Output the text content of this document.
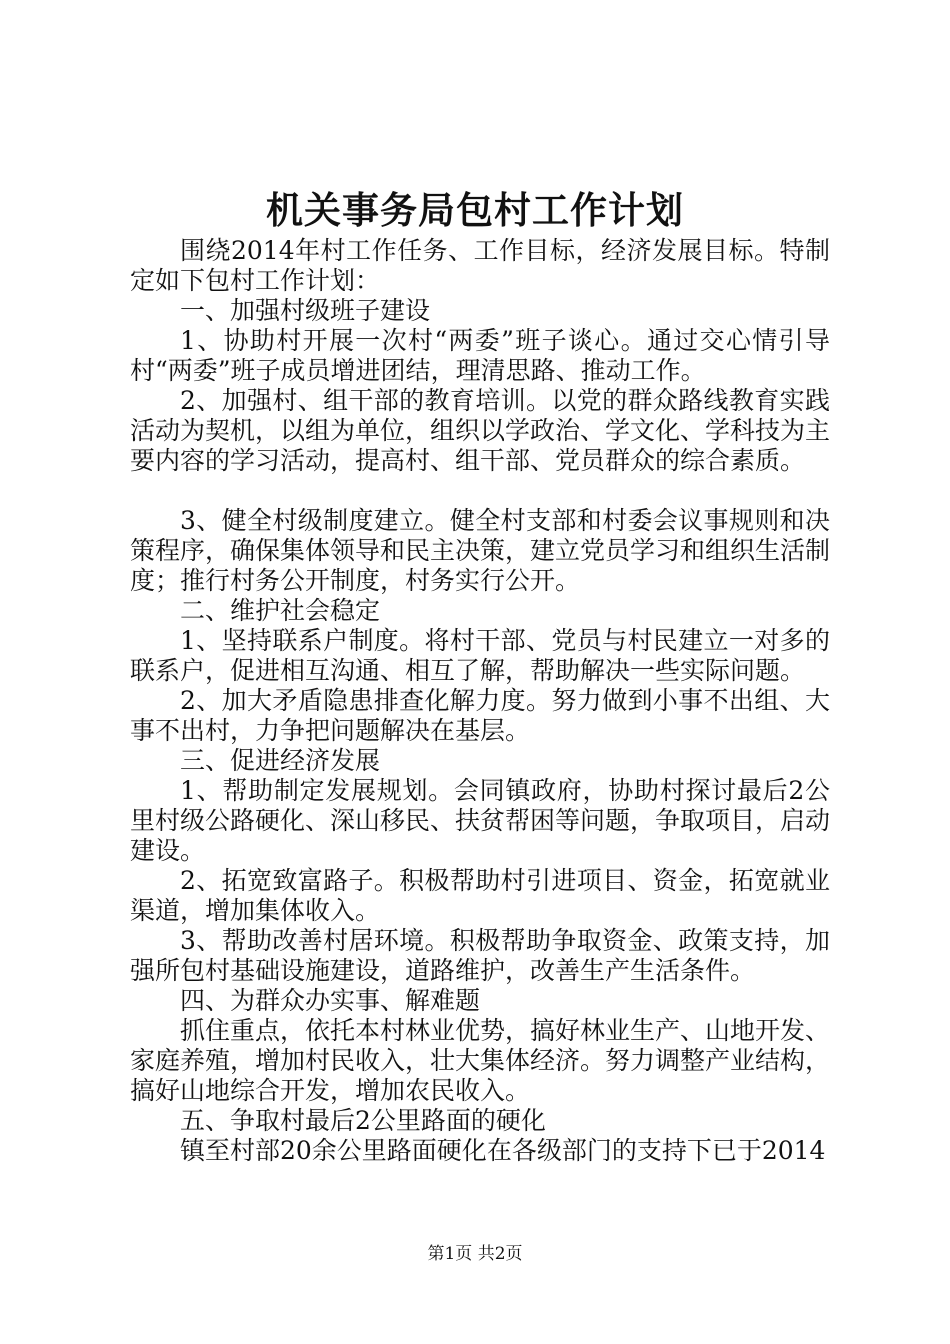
机关事务局包村工作计划

围绕2014年村工作任务、工作目标，经济发展目标。特制定如下包村工作计划：

一、加强村级班子建设

1、协助村开展一次村“两委”班子谈心。通过交心情引导村“两委”班子成员增进团结，理清思路、推动工作。

2、加强村、组干部的教育培训。以党的群众路线教育实践活动为契机，以组为单位，组织以学政治、学文化、学科技为主要内容的学习活动，提高村、组干部、党员群众的综合素质。

3、健全村级制度建立。健全村支部和村委会议事规则和决策程序，确保集体领导和民主决策，建立党员学习和组织生活制度；推行村务公开制度，村务实行公开。

二、维护社会稳定

1、坚持联系户制度。将村干部、党员与村民建立一对多的联系户，促进相互沟通、相互了解，帮助解决一些实际问题。

2、加大矛盾隐患排查化解力度。努力做到小事不出组、大事不出村，力争把问题解决在基层。

三、促进经济发展

1、帮助制定发展规划。会同镇政府，协助村探讨最后2公里村级公路硬化、深山移民、扶贫帮困等问题，争取项目，启动建设。

2、拓宽致富路子。积极帮助村引进项目、资金，拓宽就业渠道，增加集体收入。

3、帮助改善村居环境。积极帮助争取资金、政策支持，加强所包村基础设施建设，道路维护，改善生产生活条件。

四、为群众办实事、解难题

抓住重点，依托本村林业优势，搞好林业生产、山地开发、家庭养殖，增加村民收入，壮大集体经济。努力调整产业结构，搞好山地综合开发，增加农民收入。

五、争取村最后2公里路面的硬化

镇至村部20余公里路面硬化在各级部门的支持下已于2014

第1页 共2页
